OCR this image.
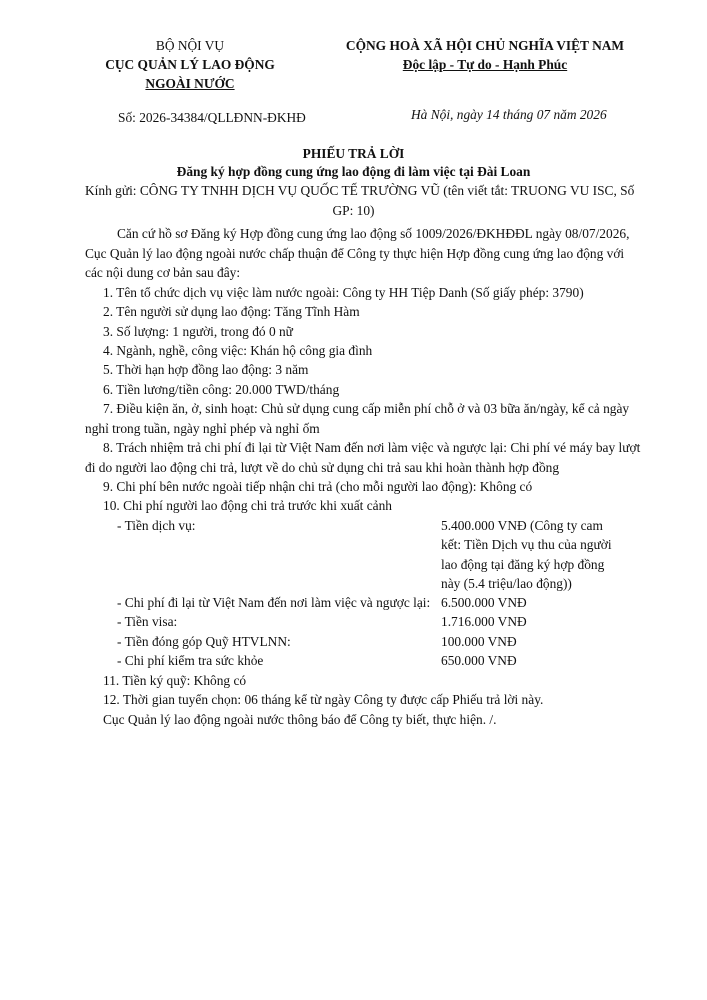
BỘ NỘI VỤ
CỤC QUẢN LÝ LAO ĐỘNG
NGOÀI NƯỚC
CỘNG HOÀ XÃ HỘI CHỦ NGHĨA VIỆT NAM
Độc lập - Tự do - Hạnh Phúc
Số: 2026-34384/QLLĐNN-ĐKHĐ	Hà Nội, ngày 14 tháng 07 năm 2026
PHIẾU TRẢ LỜI
Đăng ký hợp đồng cung ứng lao động đi làm việc tại Đài Loan
Kính gửi: CÔNG TY TNHH DỊCH VỤ QUỐC TẾ TRƯỜNG VŨ (tên viết tắt: TRUONG VU ISC, Số
GP: 10)
Căn cứ hồ sơ Đăng ký Hợp đồng cung ứng lao động số 1009/2026/ĐKHĐĐL ngày 08/07/2026,
Cục Quản lý lao động ngoài nước chấp thuận để Công ty thực hiện Hợp đồng cung ứng lao động với
các nội dung cơ bản sau đây:
1. Tên tổ chức dịch vụ việc làm nước ngoài: Công ty HH Tiệp Danh (Số giấy phép: 3790)
2. Tên người sử dụng lao động: Tăng Tĩnh Hàm
3. Số lượng: 1 người, trong đó 0 nữ
4. Ngành, nghề, công việc: Khán hộ công gia đình
5. Thời hạn hợp đồng lao động: 3 năm
6. Tiền lương/tiền công: 20.000 TWD/tháng
7. Điều kiện ăn, ở, sinh hoạt: Chủ sử dụng cung cấp miễn phí chỗ ở và 03 bữa ăn/ngày, kể cả ngày
nghỉ trong tuần, ngày nghỉ phép và nghỉ ốm
8. Trách nhiệm trả chi phí đi lại từ Việt Nam đến nơi làm việc và ngược lại: Chi phí vé máy bay lượt
đi do người lao động chi trả, lượt về do chủ sử dụng chi trả sau khi hoàn thành hợp đồng
9. Chi phí bên nước ngoài tiếp nhận chi trả (cho mỗi người lao động): Không có
10. Chi phí người lao động chi trả trước khi xuất cảnh
- Tiền dịch vụ:	5.400.000 VNĐ (Công ty cam
kết: Tiền Dịch vụ thu của người
lao động tại đăng ký hợp đồng
này (5.4 triệu/lao động))
- Chi phí đi lại từ Việt Nam đến nơi làm việc và ngược lại: 6.500.000 VNĐ
- Tiền visa:	1.716.000 VNĐ
- Tiền đóng góp Quỹ HTVLNN:	100.000 VNĐ
- Chi phí kiểm tra sức khỏe	650.000 VNĐ
11. Tiền ký quỹ: Không có
12. Thời gian tuyển chọn: 06 tháng kể từ ngày Công ty được cấp Phiếu trả lời này.
Cục Quản lý lao động ngoài nước thông báo để Công ty biết, thực hiện. /.
